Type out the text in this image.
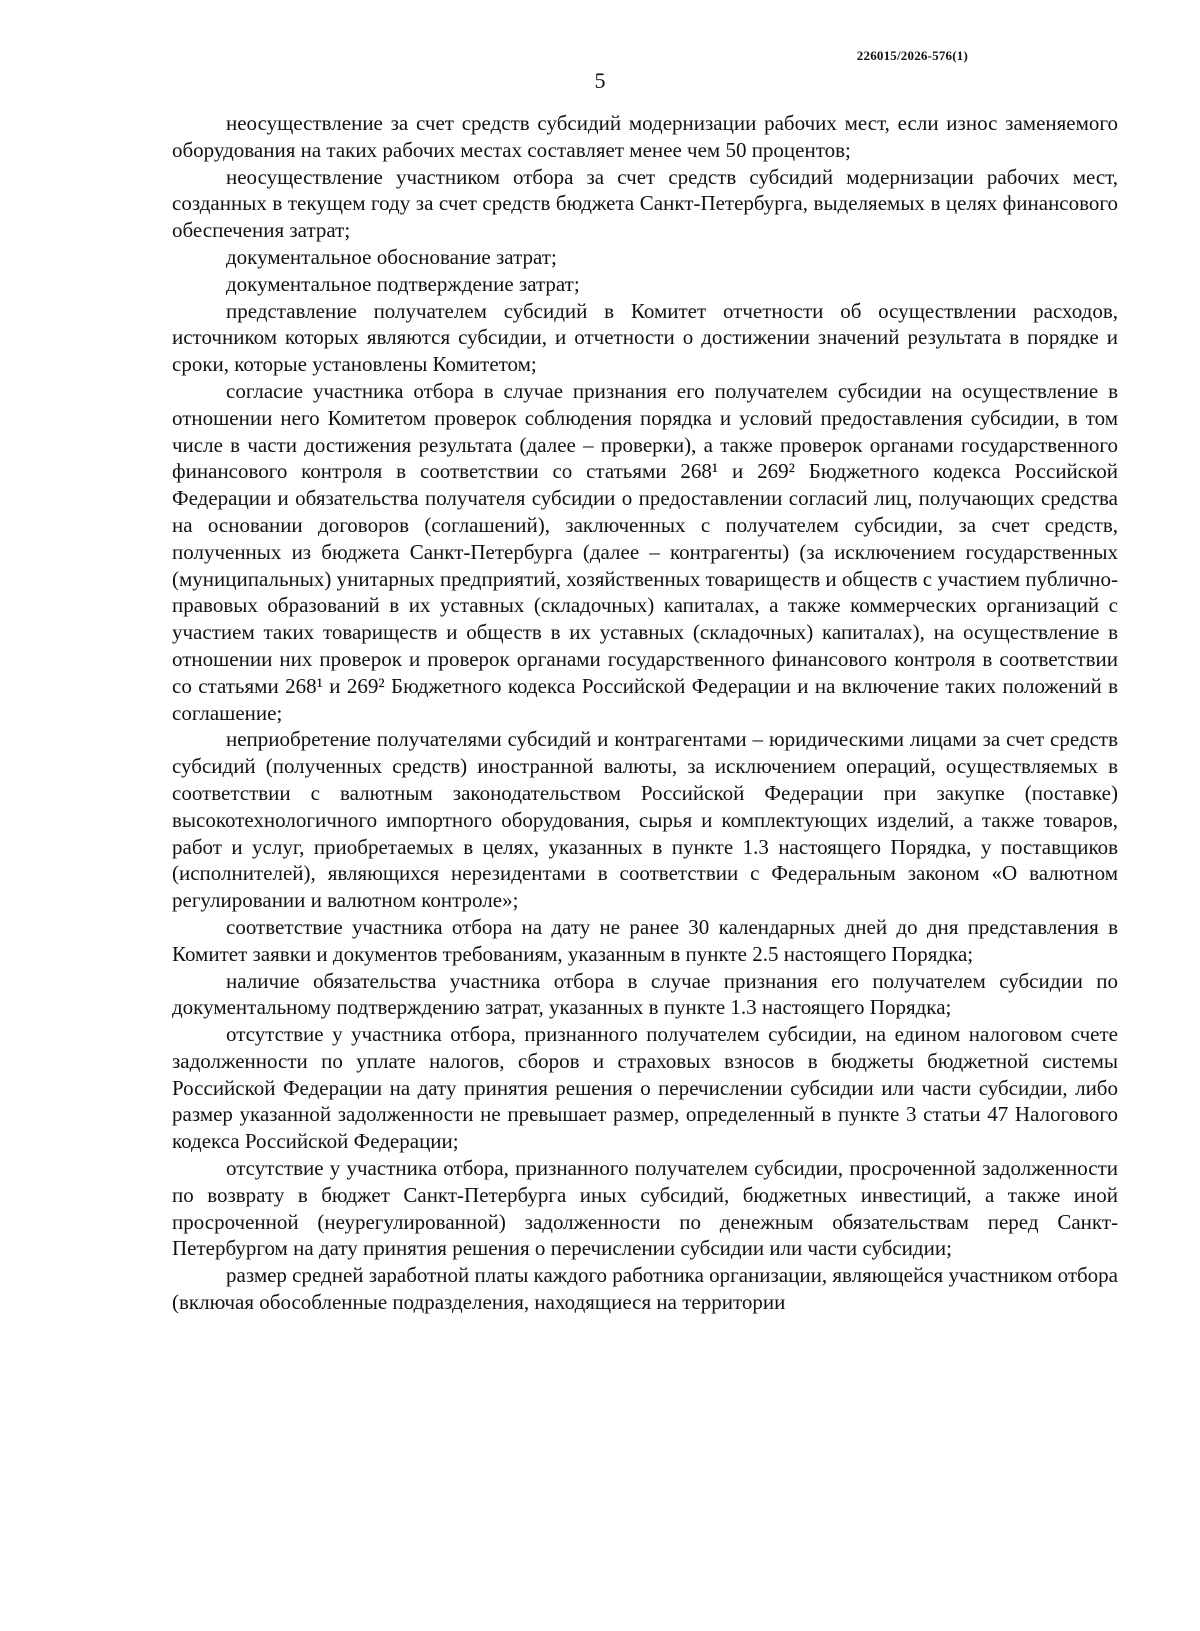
226015/2026-576(1)
5

неосуществление за счет средств субсидий модернизации рабочих мест, если износ заменяемого оборудования на таких рабочих местах составляет менее чем 50 процентов;

неосуществление участником отбора за счет средств субсидий модернизации рабочих мест, созданных в текущем году за счет средств бюджета Санкт-Петербурга, выделяемых в целях финансового обеспечения затрат;

документальное обоснование затрат;

документальное подтверждение затрат;

представление получателем субсидий в Комитет отчетности об осуществлении расходов, источником которых являются субсидии, и отчетности о достижении значений результата в порядке и сроки, которые установлены Комитетом;

согласие участника отбора в случае признания его получателем субсидии на осуществление в отношении него Комитетом проверок соблюдения порядка и условий предоставления субсидии, в том числе в части достижения результата (далее – проверки), а также проверок органами государственного финансового контроля в соответствии со статьями 268¹ и 269² Бюджетного кодекса Российской Федерации и обязательства получателя субсидии о предоставлении согласий лиц, получающих средства на основании договоров (соглашений), заключенных с получателем субсидии, за счет средств, полученных из бюджета Санкт-Петербурга (далее – контрагенты) (за исключением государственных (муниципальных) унитарных предприятий, хозяйственных товариществ и обществ с участием публично-правовых образований в их уставных (складочных) капиталах, а также коммерческих организаций с участием таких товариществ и обществ в их уставных (складочных) капиталах), на осуществление в отношении них проверок и проверок органами государственного финансового контроля в соответствии со статьями 268¹ и 269² Бюджетного кодекса Российской Федерации и на включение таких положений в соглашение;

неприобретение получателями субсидий и контрагентами – юридическими лицами за счет средств субсидий (полученных средств) иностранной валюты, за исключением операций, осуществляемых в соответствии с валютным законодательством Российской Федерации при закупке (поставке) высокотехнологичного импортного оборудования, сырья и комплектующих изделий, а также товаров, работ и услуг, приобретаемых в целях, указанных в пункте 1.3 настоящего Порядка, у поставщиков (исполнителей), являющихся нерезидентами в соответствии с Федеральным законом «О валютном регулировании и валютном контроле»;

соответствие участника отбора на дату не ранее 30 календарных дней до дня представления в Комитет заявки и документов требованиям, указанным в пункте 2.5 настоящего Порядка;

наличие обязательства участника отбора в случае признания его получателем субсидии по документальному подтверждению затрат, указанных в пункте 1.3 настоящего Порядка;

отсутствие у участника отбора, признанного получателем субсидии, на едином налоговом счете задолженности по уплате налогов, сборов и страховых взносов в бюджеты бюджетной системы Российской Федерации на дату принятия решения о перечислении субсидии или части субсидии, либо размер указанной задолженности не превышает размер, определенный в пункте 3 статьи 47 Налогового кодекса Российской Федерации;

отсутствие у участника отбора, признанного получателем субсидии, просроченной задолженности по возврату в бюджет Санкт-Петербурга иных субсидий, бюджетных инвестиций, а также иной просроченной (неурегулированной) задолженности по денежным обязательствам перед Санкт-Петербургом на дату принятия решения о перечислении субсидии или части субсидии;

размер средней заработной платы каждого работника организации, являющейся участником отбора (включая обособленные подразделения, находящиеся на территории
